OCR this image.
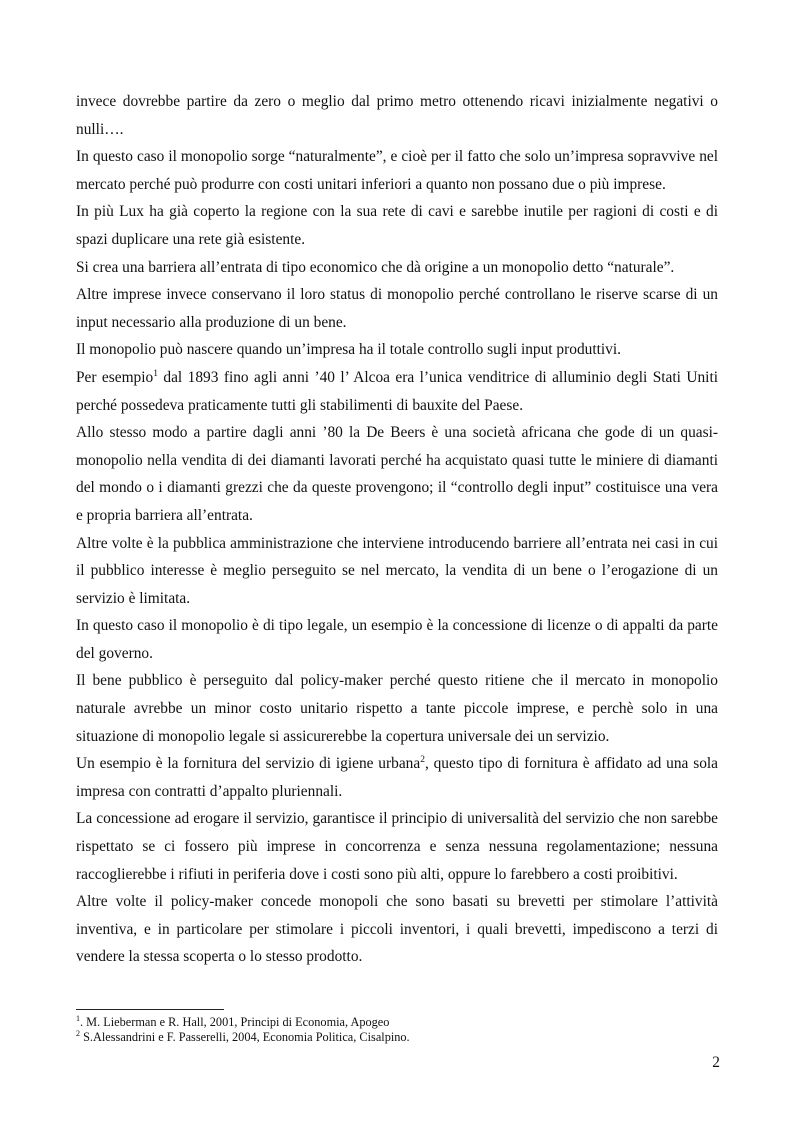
invece dovrebbe partire da zero o meglio dal primo metro ottenendo ricavi inizialmente negativi o nulli….

In questo caso il monopolio sorge “naturalmente”, e cioè per il fatto che solo un’impresa sopravvive nel mercato perché può produrre con costi unitari inferiori a quanto non possano due o più imprese.

In più Lux ha già coperto la regione con la sua rete di cavi e sarebbe inutile per ragioni di costi e di spazi duplicare una rete già esistente.

Si crea una barriera all’entrata di tipo economico che dà origine a un monopolio detto “naturale”.

Altre imprese invece conservano il loro status di monopolio perché controllano le riserve scarse di un input necessario alla produzione di un bene.

Il monopolio può nascere quando un’impresa ha il totale controllo sugli input produttivi.

Per esempio$^1$ dal 1893 fino agli anni ’40 l’ Alcoa era l’unica venditrice di alluminio degli Stati Uniti perché possedeva praticamente tutti gli stabilimenti di bauxite del Paese.

Allo stesso modo a partire dagli anni ’80 la De Beers è una società africana che gode di un quasi-monopolio nella vendita di dei diamanti lavorati perché ha acquistato quasi tutte le miniere di diamanti del mondo o i diamanti grezzi che da queste provengono; il “controllo degli input” costituisce una vera e propria barriera all’entrata.

Altre volte è la pubblica amministrazione che interviene introducendo barriere all’entrata nei casi in cui il pubblico interesse è meglio perseguito se nel mercato, la vendita di un bene o l’erogazione di un servizio è limitata.

In questo caso il monopolio è di tipo legale, un esempio è la concessione di licenze o di appalti da parte del governo.

Il bene pubblico è perseguito dal policy-maker perché questo ritiene che il mercato in monopolio naturale avrebbe un minor costo unitario rispetto a tante piccole imprese, e perchè solo in una situazione di monopolio legale si assicurerebbe la copertura universale dei un servizio.

Un esempio è la fornitura del servizio di igiene urbana$^2$, questo tipo di fornitura è affidato ad una sola impresa con contratti d’appalto pluriennali.

La concessione ad erogare il servizio, garantisce il principio di universalità del servizio che non sarebbe rispettato se ci fossero più imprese in concorrenza e senza nessuna regolamentazione; nessuna raccoglierebbe i rifiuti in periferia dove i costi sono più alti, oppure lo farebbero a costi proibitivi.

Altre volte il policy-maker concede monopoli che sono basati su brevetti per stimolare l’attività inventiva, e in particolare per stimolare i piccoli inventori, i quali brevetti, impediscono a terzi di vendere la stessa scoperta o lo stesso prodotto.

$^1$. M. Lieberman e R. Hall, 2001, Principi di Economia, Apogeo

$^2$ S.Alessandrini e F. Passerelli, 2004, Economia Politica, Cisalpino.

2
